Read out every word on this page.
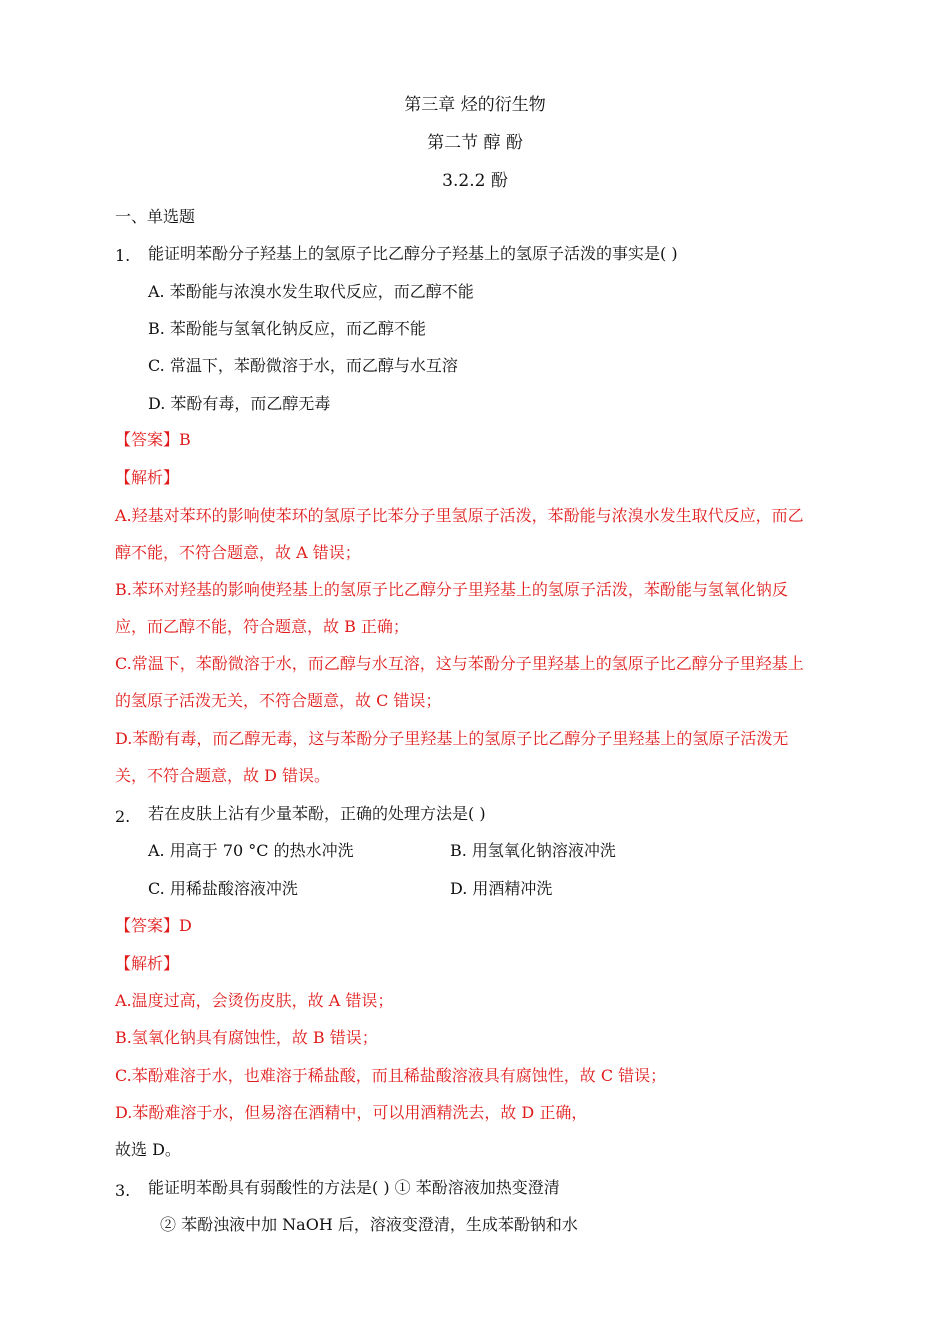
第三章 烃的衍生物
第二节 醇 酚
3.2.2 酚
一、单选题
1. 能证明苯酚分子羟基上的氢原子比乙醇分子羟基上的氢原子活泼的事实是( )
A. 苯酚能与浓溴水发生取代反应，而乙醇不能
B. 苯酚能与氢氧化钠反应，而乙醇不能
C. 常温下，苯酚微溶于水，而乙醇与水互溶
D. 苯酚有毒，而乙醇无毒
【答案】B
【解析】
A.羟基对苯环的影响使苯环的氢原子比苯分子里氢原子活泼，苯酚能与浓溴水发生取代反应，而乙
醇不能，不符合题意，故 A 错误；
B.苯环对羟基的影响使羟基上的氢原子比乙醇分子里羟基上的氢原子活泼，苯酚能与氢氧化钠反
应，而乙醇不能，符合题意，故 B 正确；
C.常温下，苯酚微溶于水，而乙醇与水互溶，这与苯酚分子里羟基上的氢原子比乙醇分子里羟基上
的氢原子活泼无关，不符合题意，故 C 错误；
D.苯酚有毒，而乙醇无毒，这与苯酚分子里羟基上的氢原子比乙醇分子里羟基上的氢原子活泼无
关，不符合题意，故 D 错误。
2. 若在皮肤上沾有少量苯酚，正确的处理方法是( )
A. 用高于 70 °C 的热水冲洗	B. 用氢氧化钠溶液冲洗
C. 用稀盐酸溶液冲洗	D. 用酒精冲洗
【答案】D
【解析】
A.温度过高，会烫伤皮肤，故 A 错误；
B.氢氧化钠具有腐蚀性，故 B 错误；
C.苯酚难溶于水，也难溶于稀盐酸，而且稀盐酸溶液具有腐蚀性，故 C 错误；
D.苯酚难溶于水，但易溶在酒精中，可以用酒精洗去，故 D 正确，
故选 D。
3. 能证明苯酚具有弱酸性的方法是( ) ① 苯酚溶液加热变澄清
② 苯酚浊液中加 NaOH 后，溶液变澄清，生成苯酚钠和水
